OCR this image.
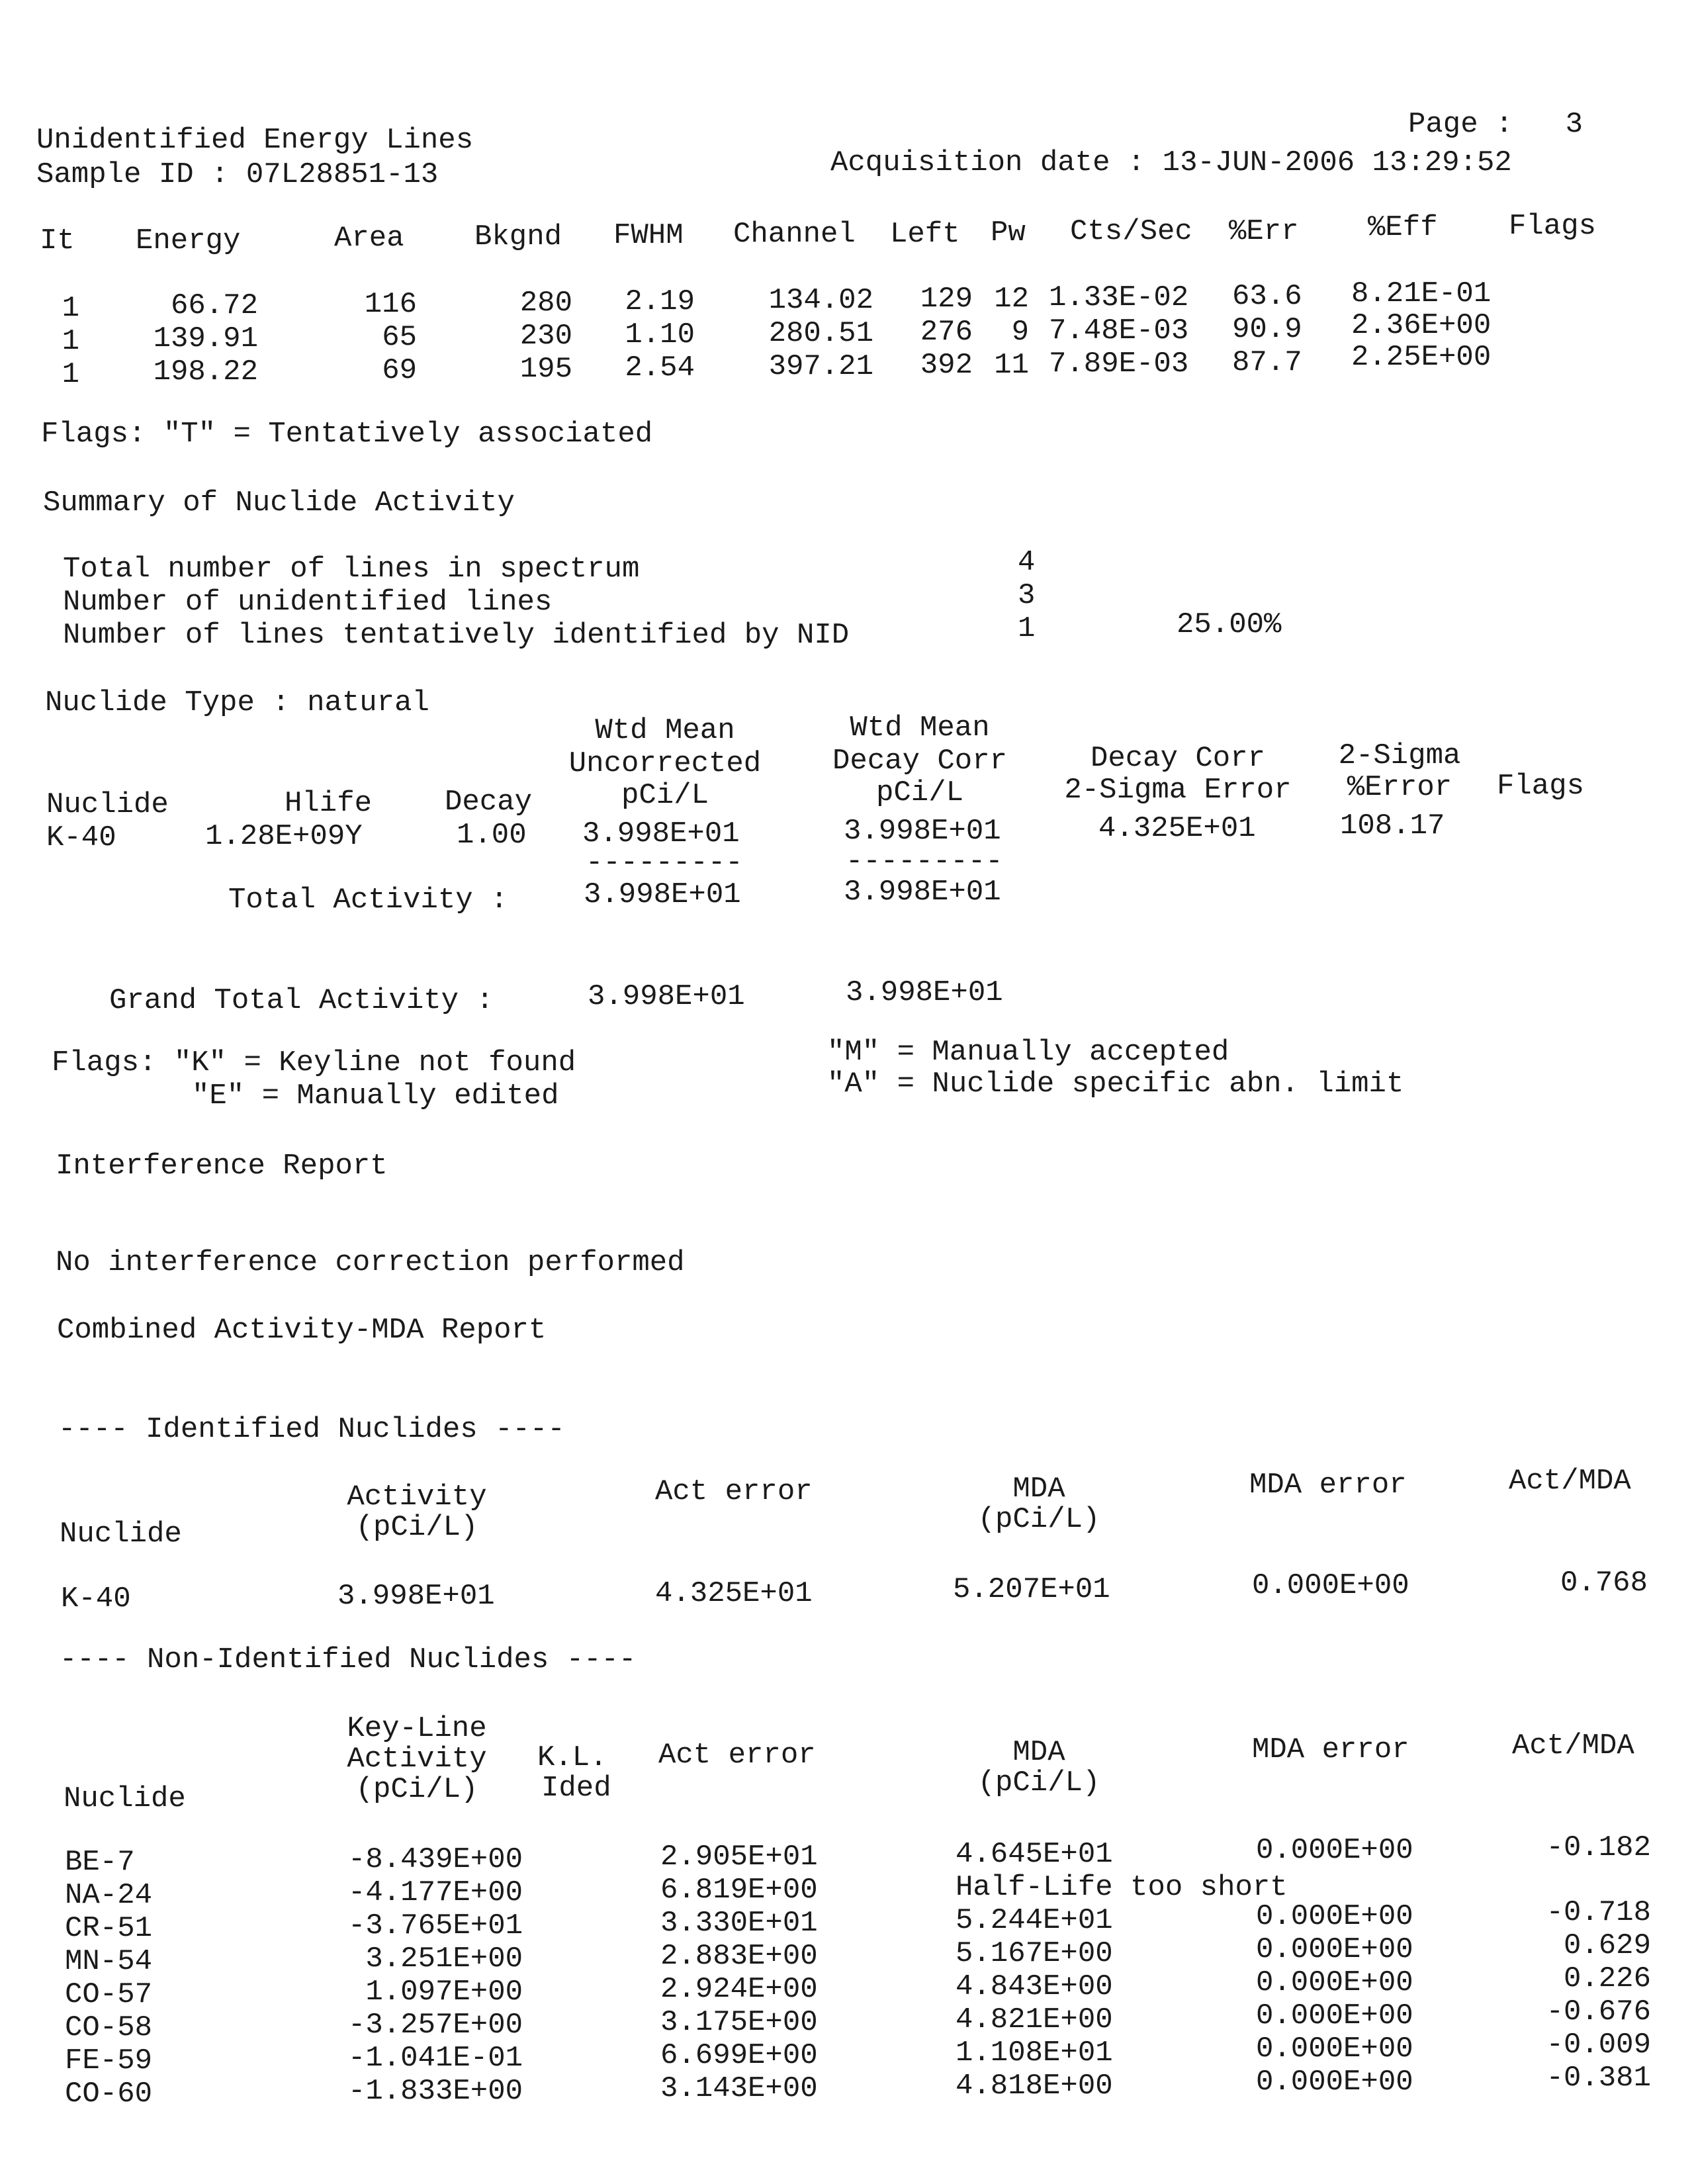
Unidentified Energy Lines	Page :   3
Sample ID : 07L28851-13	Acquisition date : 13-JUN-2006 13:29:52
It Energy	Area Bkgnd FWHM Channel Left Pw Cts/Sec %Err %Eff Flags
1	66.72	116	280	2.19	134.02	129 12 1.33E-02 63.6 8.21E-01
1	139.91	65	230	1.10	280.51	276	9 7.48E-03 90.9 2.36E+00
1	198.22	69	195	2.54	397.21	392 11 7.89E-03 87.7 2.25E+00
Flags: "T" = Tentatively associated
Summary of Nuclide Activity
Total number of lines in spectrum	4
Number of unidentified lines	3
Number of lines tentatively identified by NID	1	25.00%
Nuclide Type : natural
Wtd Mean
Uncorrected
pCi/L
Wtd Mean
Decay Corr
pCi/L
Decay Corr
2-Sigma Error
2-Sigma
%Error	Flags
Nuclide	Hlife Decay
K-40	1.28E+09Y	1.00 3.998E+01	3.998E+01	4.325E+01	108.17
---------	---------
Total Activity :	3.998E+01	3.998E+01
Grand Total Activity :	3.998E+01	3.998E+01
Flags: "K" = Keyline not found
"E" = Manually edited
"M" = Manually accepted
"A" = Nuclide specific abn. limit
Interference Report
No interference correction performed
Combined Activity-MDA Report
---- Identified Nuclides ----
Activity
(pCi/L)
Nuclide
Act error	MDA
(pCi/L)
MDA error	Act/MDA
K-40	3.998E+01	4.325E+01	5.207E+01	0.000E+00	0.768
---- Non-Identified Nuclides ----
Key-Line
Activity
(pCi/L)
Nuclide
K.L.
Ided
Act error	MDA
(pCi/L)
MDA error	Act/MDA
BE-7	-8.439E+00	2.905E+01	4.645E+01	0.000E+00	-0.182
NA-24	-4.177E+00	6.819E+00	Half-Life too short
CR-51	-3.765E+01	3.330E+01	5.244E+01	0.000E+00	-0.718
MN-54	3.251E+00	2.883E+00	5.167E+00	0.000E+00	0.629
CO-57	1.097E+00	2.924E+00	4.843E+00	0.000E+00	0.226
CO-58	-3.257E+00	3.175E+00	4.821E+00	0.000E+00	-0.676
FE-59	-1.041E-01	6.699E+00	1.108E+01	0.000E+00	-0.009
CO-60	-1.833E+00	3.143E+00	4.818E+00	0.000E+00	-0.381
